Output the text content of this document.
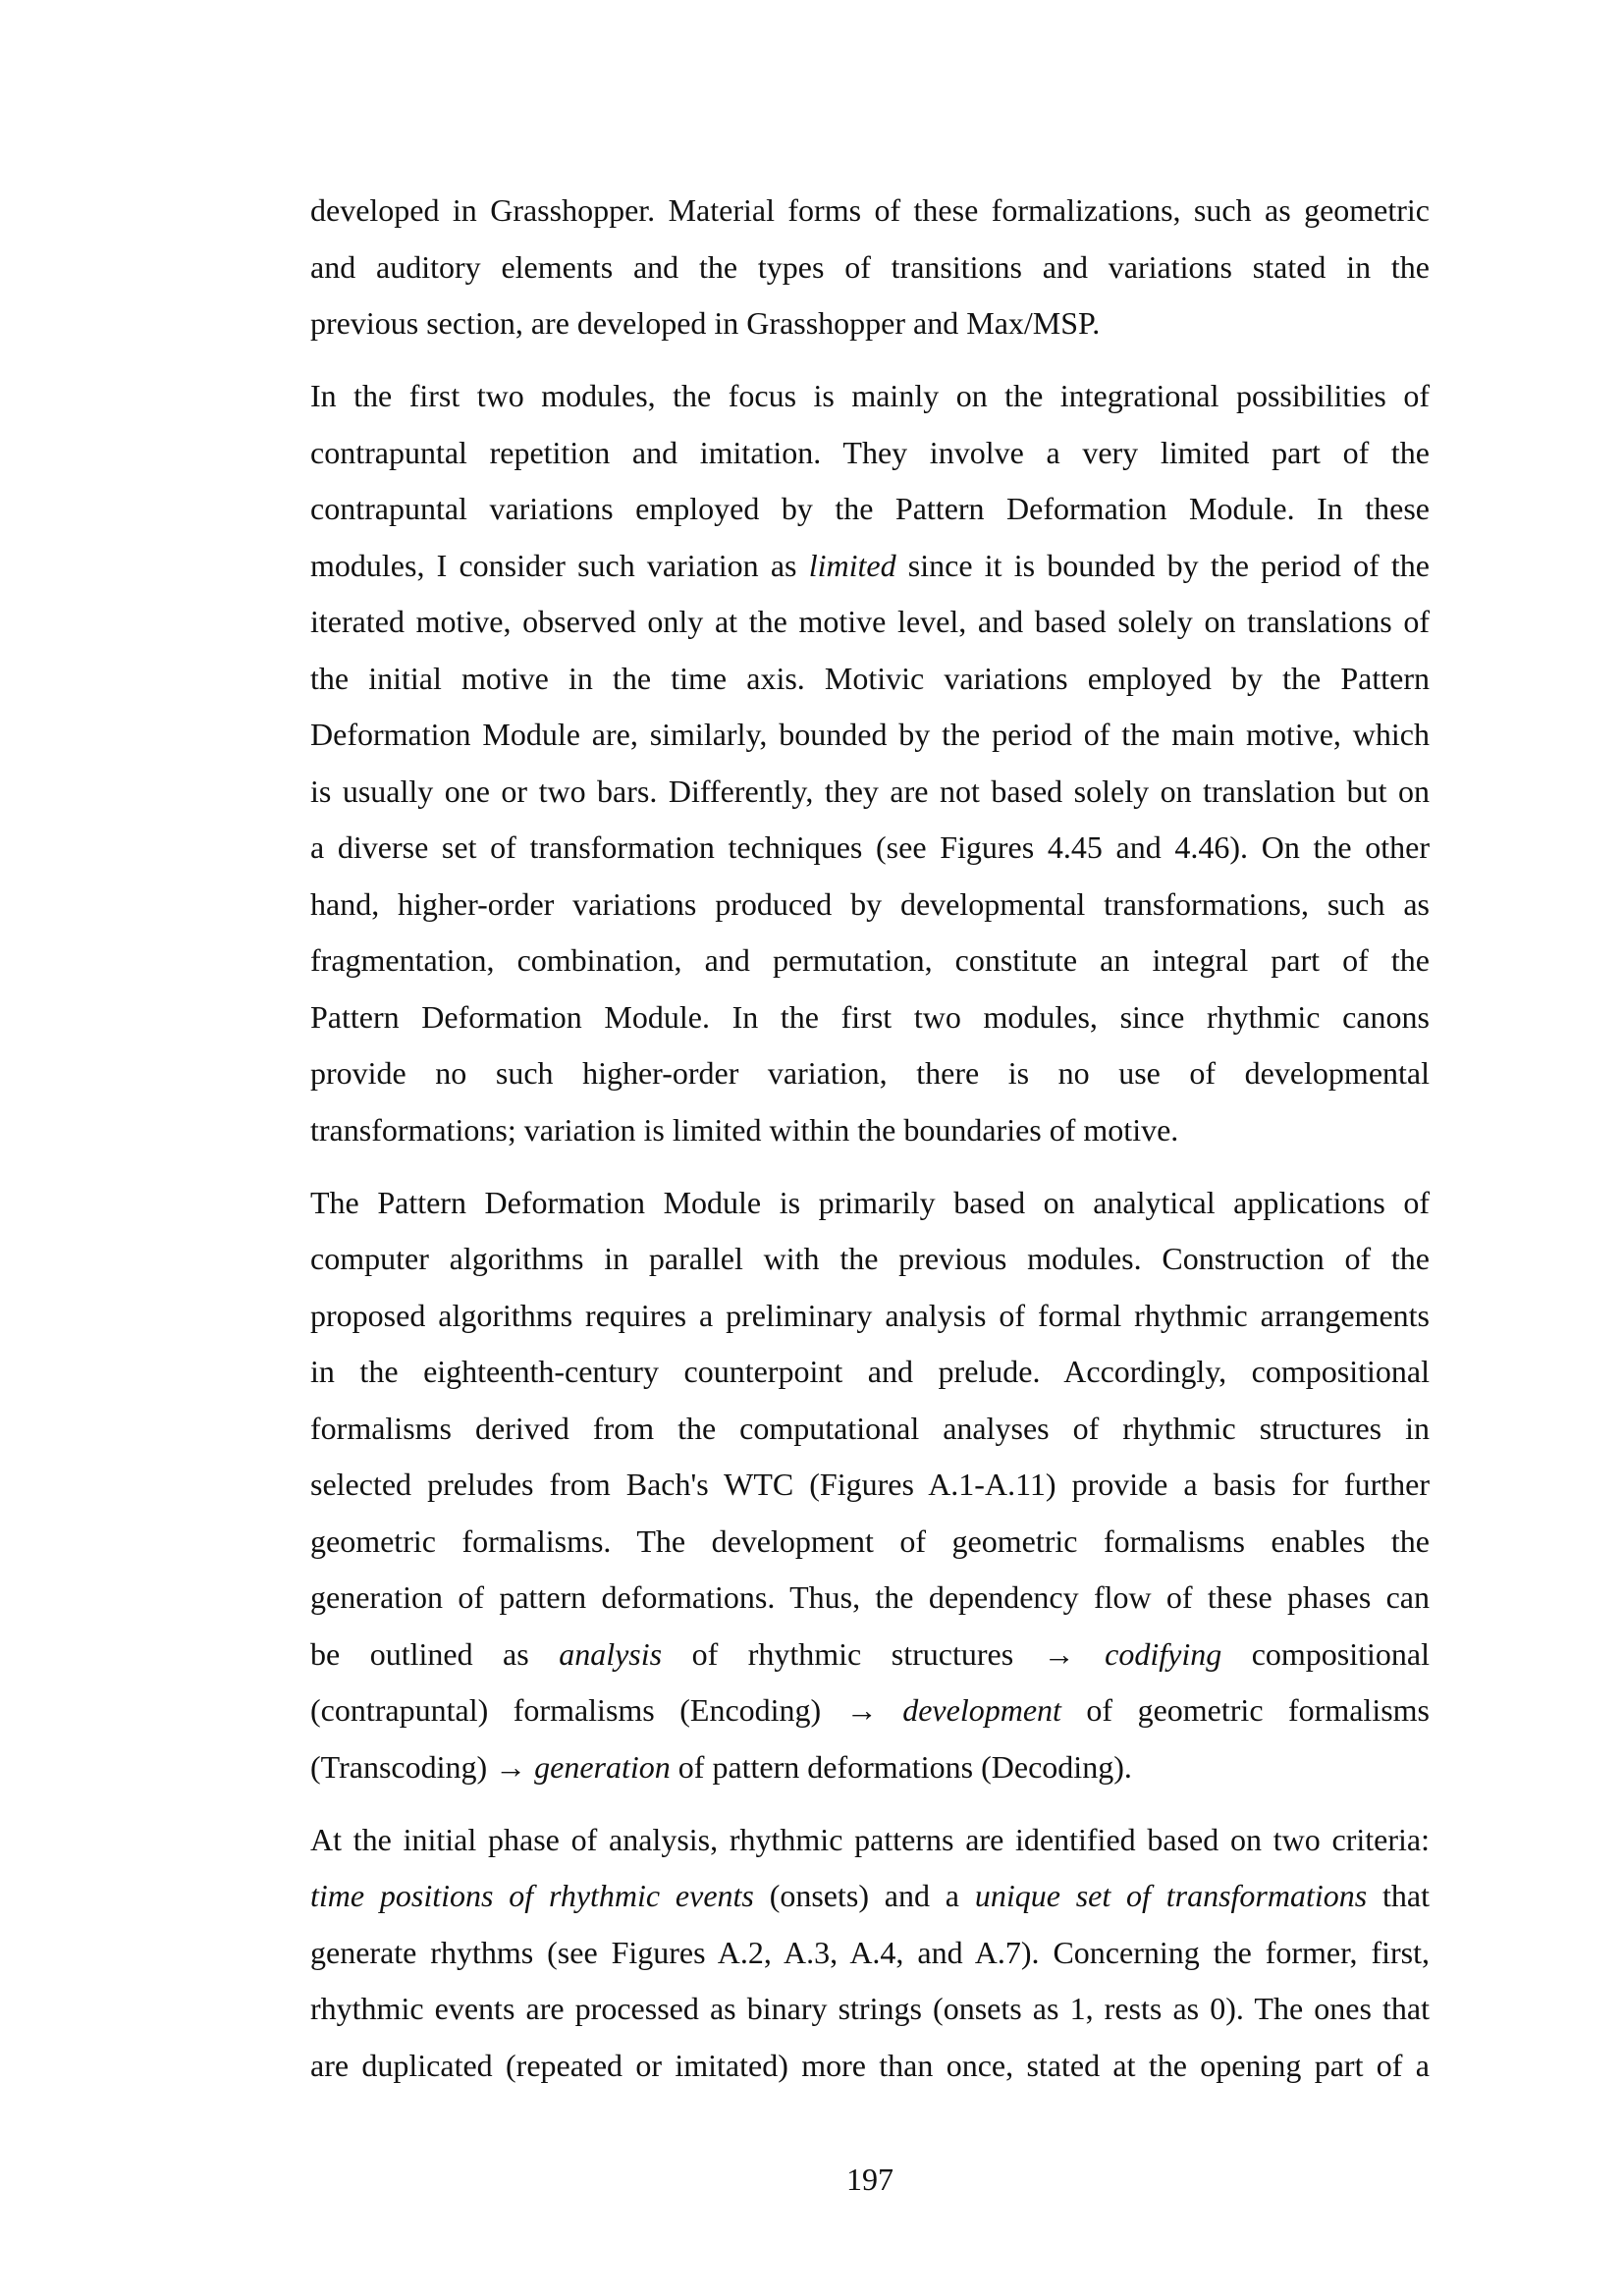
developed in Grasshopper. Material forms of these formalizations, such as geometric
and auditory elements and the types of transitions and variations stated in the
previous section, are developed in Grasshopper and Max/MSP.

In the first two modules, the focus is mainly on the integrational possibilities of
contrapuntal repetition and imitation. They involve a very limited part of the
contrapuntal variations employed by the Pattern Deformation Module. In these
modules, I consider such variation as limited since it is bounded by the period of the
iterated motive, observed only at the motive level, and based solely on translations of
the initial motive in the time axis. Motivic variations employed by the Pattern
Deformation Module are, similarly, bounded by the period of the main motive, which
is usually one or two bars. Differently, they are not based solely on translation but on
a diverse set of transformation techniques (see Figures 4.45 and 4.46). On the other
hand, higher-order variations produced by developmental transformations, such as
fragmentation, combination, and permutation, constitute an integral part of the
Pattern Deformation Module. In the first two modules, since rhythmic canons
provide no such higher-order variation, there is no use of developmental
transformations; variation is limited within the boundaries of motive.

The Pattern Deformation Module is primarily based on analytical applications of
computer algorithms in parallel with the previous modules. Construction of the
proposed algorithms requires a preliminary analysis of formal rhythmic arrangements
in the eighteenth-century counterpoint and prelude. Accordingly, compositional
formalisms derived from the computational analyses of rhythmic structures in
selected preludes from Bach's WTC (Figures A.1-A.11) provide a basis for further
geometric formalisms. The development of geometric formalisms enables the
generation of pattern deformations. Thus, the dependency flow of these phases can
be outlined as analysis of rhythmic structures → codifying compositional
(contrapuntal) formalisms (Encoding) → development of geometric formalisms
(Transcoding) → generation of pattern deformations (Decoding).

At the initial phase of analysis, rhythmic patterns are identified based on two criteria:
time positions of rhythmic events (onsets) and a unique set of transformations that
generate rhythms (see Figures A.2, A.3, A.4, and A.7). Concerning the former, first,
rhythmic events are processed as binary strings (onsets as 1, rests as 0). The ones that
are duplicated (repeated or imitated) more than once, stated at the opening part of a

197
